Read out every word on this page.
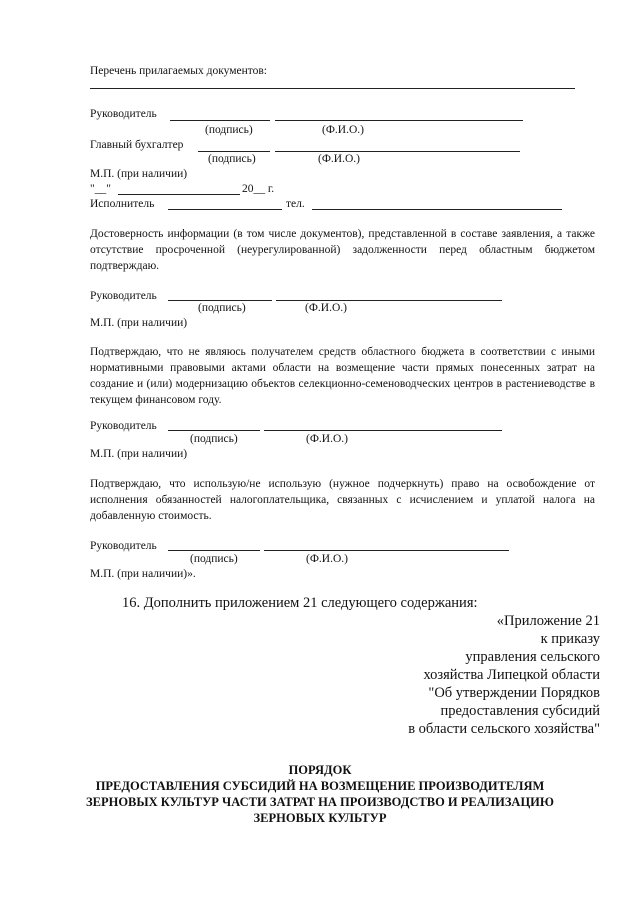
Перечень прилагаемых документов:
Руководитель
(подпись)	(Ф.И.О.)
Главный бухгалтер
(подпись)	(Ф.И.О.)
М.П. (при наличии)
"__"	20__ г.
Исполнитель	тел.
Достоверность информации (в том числе документов), представленной в составе заявления, а также отсутствие просроченной (неурегулированной) задолженности перед областным бюджетом подтверждаю.
Руководитель
(подпись)	(Ф.И.О.)
М.П. (при наличии)
Подтверждаю, что не являюсь получателем средств областного бюджета в соответствии с иными нормативными правовыми актами области на возмещение части прямых понесенных затрат на создание и (или) модернизацию объектов селекционно-семеноводческих центров в растениеводстве в текущем финансовом году.
Руководитель
(подпись)	(Ф.И.О.)
М.П. (при наличии)
Подтверждаю, что использую/не использую (нужное подчеркнуть) право на освобождение от исполнения обязанностей налогоплательщика, связанных с исчислением и уплатой налога на добавленную стоимость.
Руководитель
(подпись)	(Ф.И.О.)
М.П. (при наличии)».
16. Дополнить приложением 21 следующего содержания:
«Приложение 21
к приказу
управления сельского
хозяйства Липецкой области
"Об утверждении Порядков
предоставления субсидий
в области сельского хозяйства"
ПОРЯДОК
ПРЕДОСТАВЛЕНИЯ СУБСИДИЙ НА ВОЗМЕЩЕНИЕ ПРОИЗВОДИТЕЛЯМ
ЗЕРНОВЫХ КУЛЬТУР ЧАСТИ ЗАТРАТ НА ПРОИЗВОДСТВО И РЕАЛИЗАЦИЮ
ЗЕРНОВЫХ КУЛЬТУР
